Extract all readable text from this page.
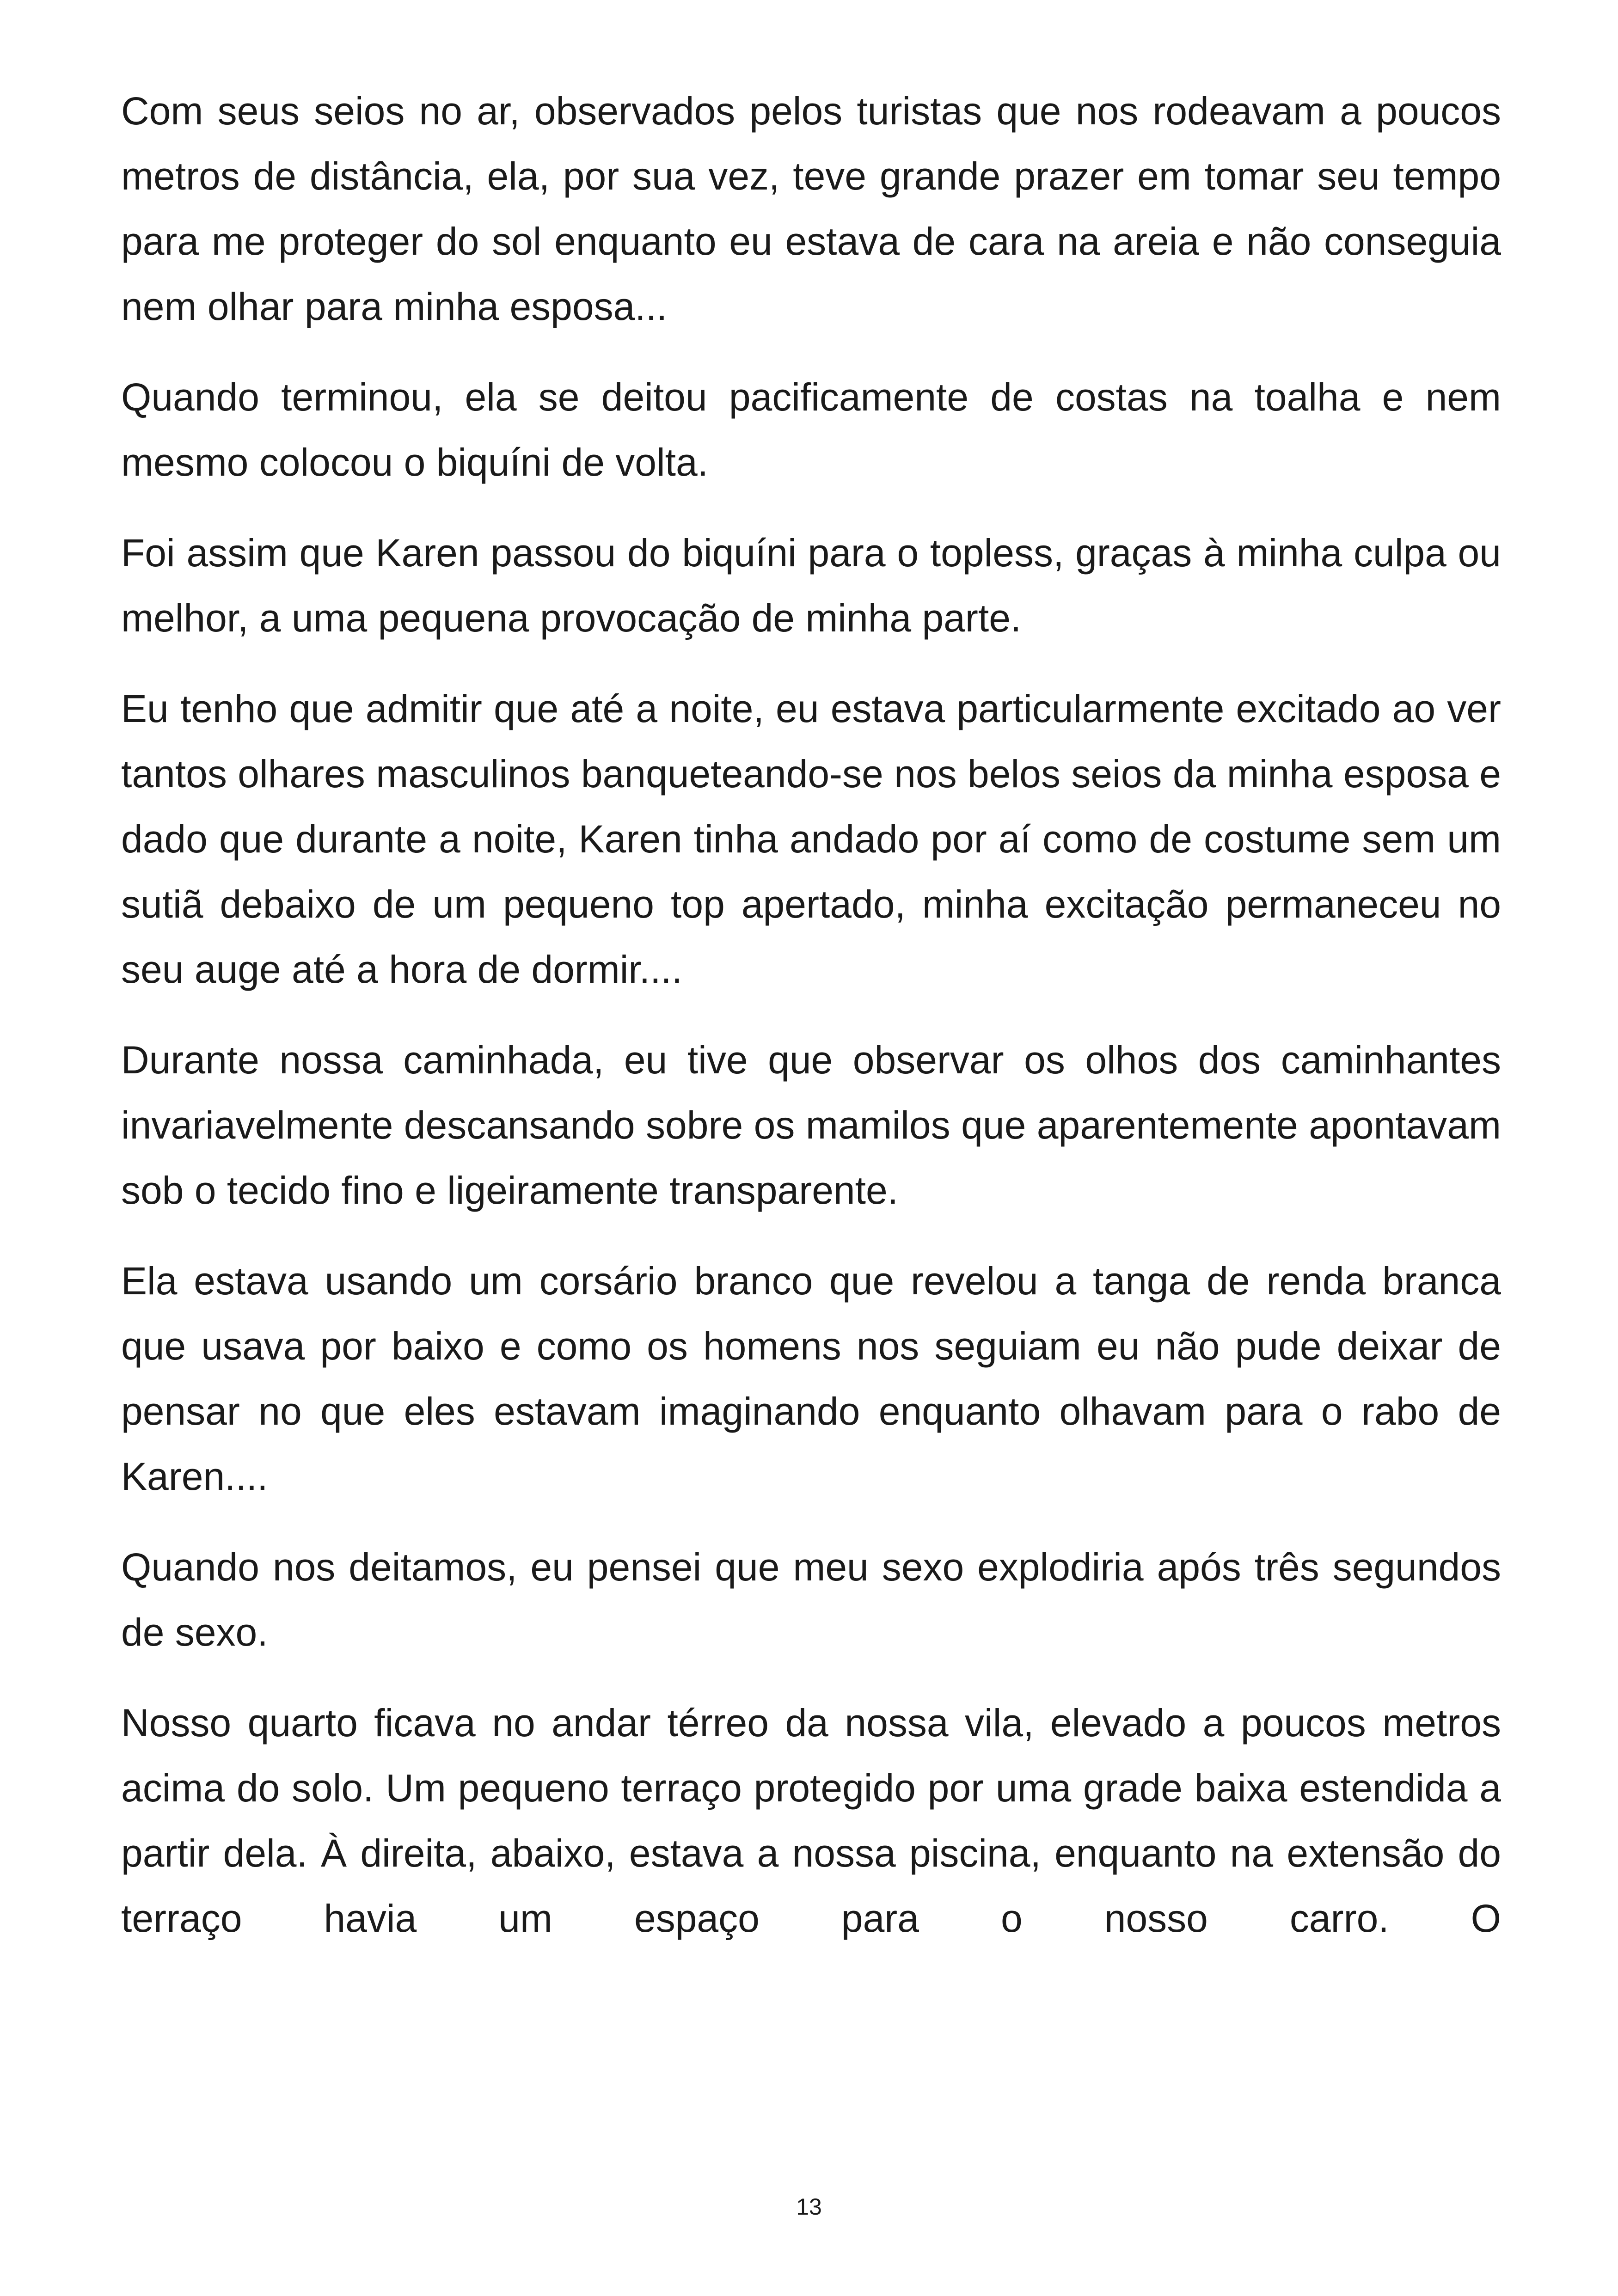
Com seus seios no ar, observados pelos turistas que nos rodeavam a poucos metros de distância, ela, por sua vez, teve grande prazer em tomar seu tempo para me proteger do sol enquanto eu estava de cara na areia e não conseguia nem olhar para minha esposa...

Quando terminou, ela se deitou pacificamente de costas na toalha e nem mesmo colocou o biquíni de volta.

Foi assim que Karen passou do biquíni para o topless, graças à minha culpa ou melhor, a uma pequena provocação de minha parte.

Eu tenho que admitir que até a noite, eu estava particularmente excitado ao ver tantos olhares masculinos banqueteando-se nos belos seios da minha esposa e dado que durante a noite, Karen tinha andado por aí como de costume sem um sutiã debaixo de um pequeno top apertado, minha excitação permaneceu no seu auge até a hora de dormir....

Durante nossa caminhada, eu tive que observar os olhos dos caminhantes invariavelmente descansando sobre os mamilos que aparentemente apontavam sob o tecido fino e ligeiramente transparente.

Ela estava usando um corsário branco que revelou a tanga de renda branca que usava por baixo e como os homens nos seguiam eu não pude deixar de pensar no que eles estavam imaginando enquanto olhavam para o rabo de Karen....

Quando nos deitamos, eu pensei que meu sexo explodiria após três segundos de sexo.

Nosso quarto ficava no andar térreo da nossa vila, elevado a poucos metros acima do solo. Um pequeno terraço protegido por uma grade baixa estendida a partir dela. À direita, abaixo, estava a nossa piscina, enquanto na extensão do terraço havia um espaço para o nosso carro. O

13
